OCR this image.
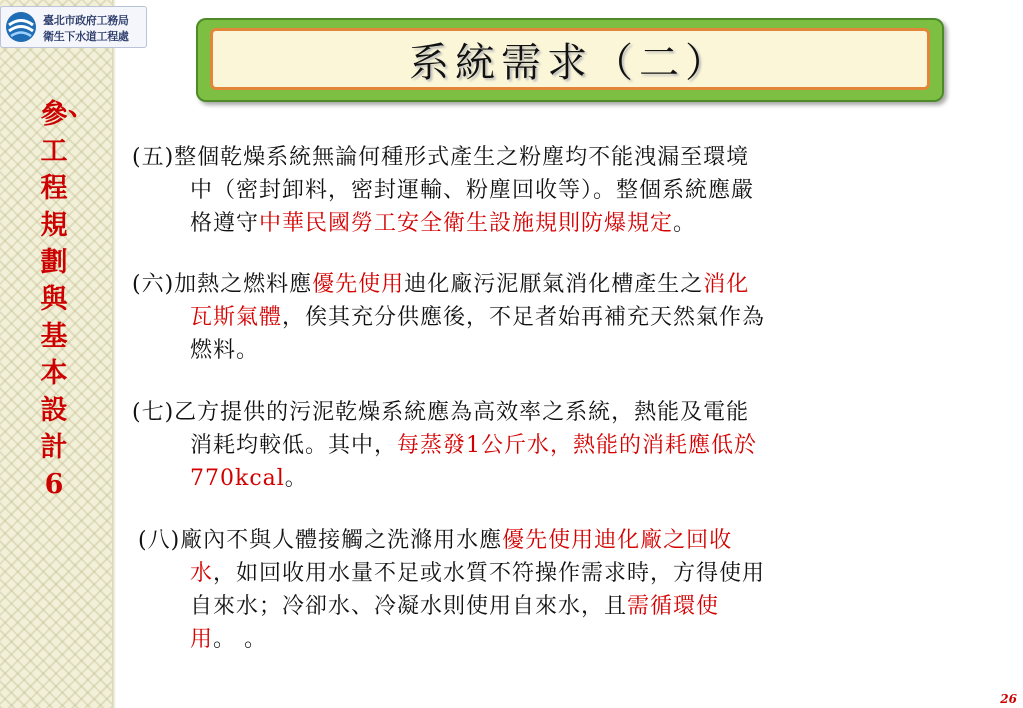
臺北市政府工務局
衛生下水道工程處
參 、
工
程
規
劃
與
基
本
設
計
6
系統需求（二）
(五)整個乾燥系統無論何種形式產生之粉塵均不能洩漏至環境
中（密封卸料，密封運輸、粉塵回收等）。整個系統應嚴
格遵守中華民國勞工安全衛生設施規則防爆規定。
(六)加熱之燃料應優先使用迪化廠污泥厭氣消化槽產生之消化
瓦斯氣體，俟其充分供應後，不足者始再補充天然氣作為
燃料。
(七)乙方提供的污泥乾燥系統應為高效率之系統，熱能及電能
消耗均較低。其中，每蒸發1公斤水，熱能的消耗應低於
770kcal。
(八)廠內不與人體接觸之洗滌用水應優先使用迪化廠之回收
水，如回收用水量不足或水質不符操作需求時，方得使用
自來水；冷卻水、冷凝水則使用自來水，且需循環使
用。 。
26
